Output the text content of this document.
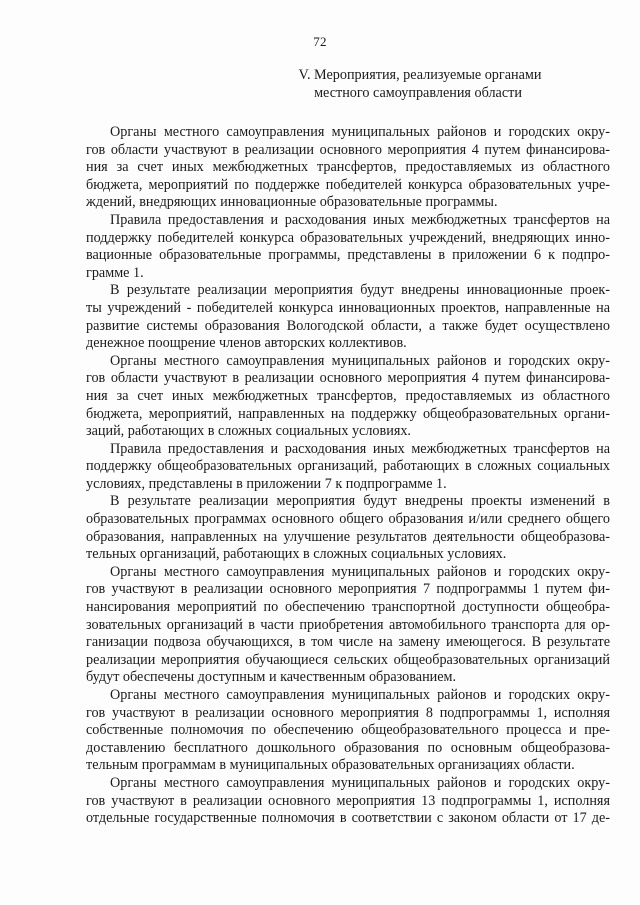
72
V. Мероприятия, реализуемые органами
местного самоуправления области
Органы местного самоуправления муниципальных районов и городских окру-
гов области участвуют в реализации основного мероприятия 4 путем финансирова-
ния за счет иных межбюджетных трансфертов, предоставляемых из областного
бюджета, мероприятий по поддержке победителей конкурса образовательных учре-
ждений, внедряющих инновационные образовательные программы.
Правила предоставления и расходования иных межбюджетных трансфертов на
поддержку победителей конкурса образовательных учреждений, внедряющих инно-
вационные образовательные программы, представлены в приложении 6 к подпро-
грамме 1.
В результате реализации мероприятия будут внедрены инновационные проек-
ты учреждений - победителей конкурса инновационных проектов, направленные на
развитие системы образования Вологодской области, а также будет осуществлено
денежное поощрение членов авторских коллективов.
Органы местного самоуправления муниципальных районов и городских окру-
гов области участвуют в реализации основного мероприятия 4 путем финансирова-
ния за счет иных межбюджетных трансфертов, предоставляемых из областного
бюджета, мероприятий, направленных на поддержку общеобразовательных органи-
заций, работающих в сложных социальных условиях.
Правила предоставления и расходования иных межбюджетных трансфертов на
поддержку общеобразовательных организаций, работающих в сложных социальных
условиях, представлены в приложении 7 к подпрограмме 1.
В результате реализации мероприятия будут внедрены проекты изменений в
образовательных программах основного общего образования и/или среднего общего
образования, направленных на улучшение результатов деятельности общеобразова-
тельных организаций, работающих в сложных социальных условиях.
Органы местного самоуправления муниципальных районов и городских окру-
гов участвуют в реализации основного мероприятия 7 подпрограммы 1 путем фи-
нансирования мероприятий по обеспечению транспортной доступности общеобра-
зовательных организаций в части приобретения автомобильного транспорта для ор-
ганизации подвоза обучающихся, в том числе на замену имеющегося. В результате
реализации мероприятия обучающиеся сельских общеобразовательных организаций
будут обеспечены доступным и качественным образованием.
Органы местного самоуправления муниципальных районов и городских окру-
гов участвуют в реализации основного мероприятия 8 подпрограммы 1, исполняя
собственные полномочия по обеспечению общеобразовательного процесса и пре-
доставлению бесплатного дошкольного образования по основным общеобразова-
тельным программам в муниципальных образовательных организациях области.
Органы местного самоуправления муниципальных районов и городских окру-
гов участвуют в реализации основного мероприятия 13 подпрограммы 1, исполняя
отдельные государственные полномочия в соответствии с законом области от 17 де-
